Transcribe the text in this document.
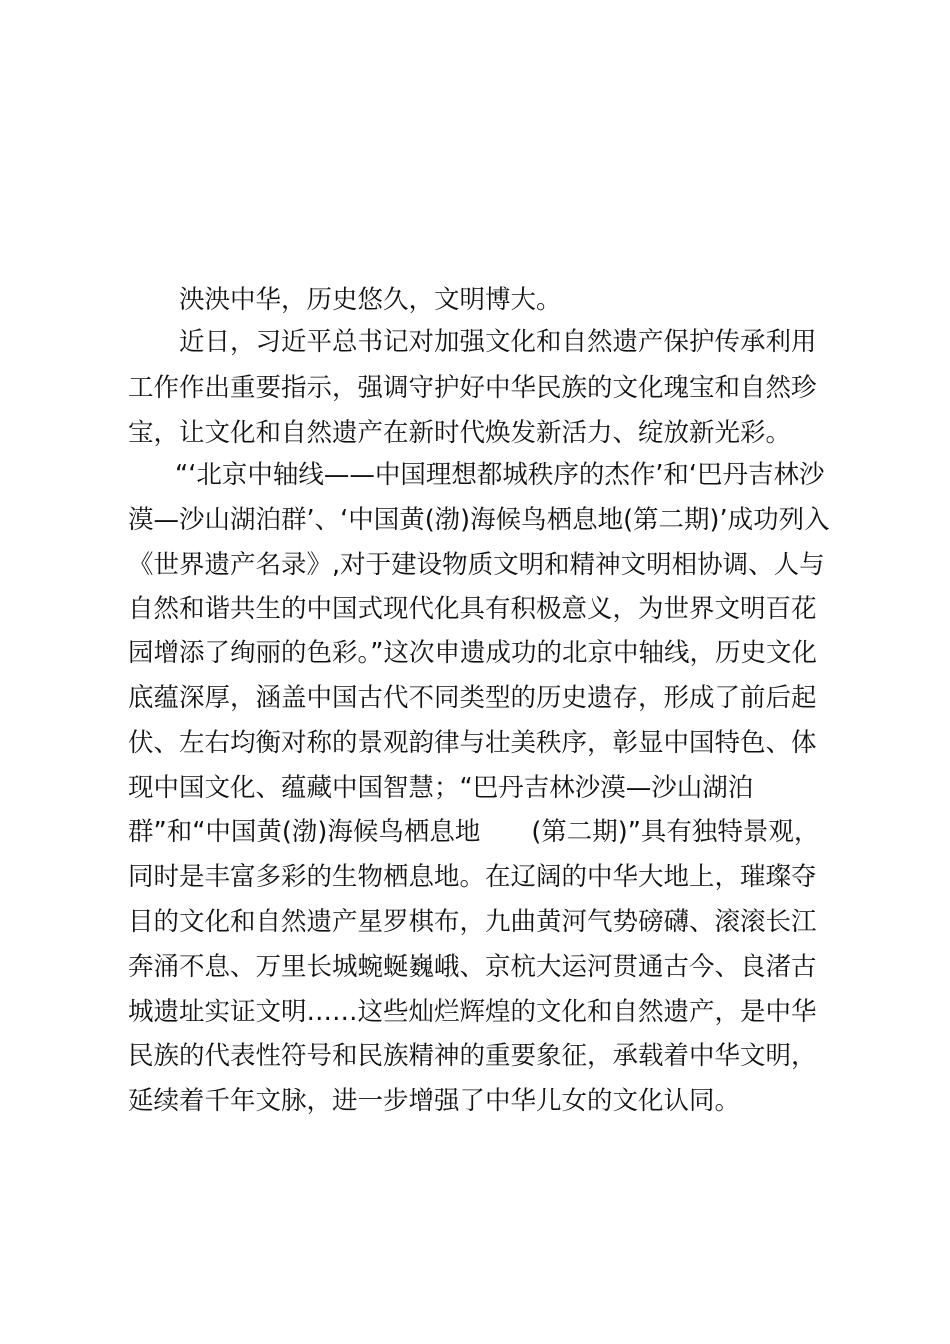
泱泱中华，历史悠久，文明博大。
近日，习近平总书记对加强文化和自然遗产保护传承利用
工作作出重要指示，强调守护好中华民族的文化瑰宝和自然珍
宝，让文化和自然遗产在新时代焕发新活力、绽放新光彩。
“‘北京中轴线——中国理想都城秩序的杰作’和‘巴丹吉林沙
漠—沙山湖泊群’、‘中国黄(渤)海候鸟栖息地(第二期)’成功列入
《世界遗产名录》,对于建设物质文明和精神文明相协调、人与
自然和谐共生的中国式现代化具有积极意义，为世界文明百花
园增添了绚丽的色彩。”这次申遗成功的北京中轴线，历史文化
底蕴深厚，涵盖中国古代不同类型的历史遗存，形成了前后起
伏、左右均衡对称的景观韵律与壮美秩序，彰显中国特色、体
现中国文化、蕴藏中国智慧；“巴丹吉林沙漠—沙山湖泊
群”和“中国黄(渤)海候鸟栖息地　　(第二期)”具有独特景观，
同时是丰富多彩的生物栖息地。在辽阔的中华大地上，璀璨夺
目的文化和自然遗产星罗棋布，九曲黄河气势磅礴、滚滚长江
奔涌不息、万里长城蜿蜒巍峨、京杭大运河贯通古今、良渚古
城遗址实证文明……这些灿烂辉煌的文化和自然遗产，是中华
民族的代表性符号和民族精神的重要象征，承载着中华文明，
延续着千年文脉，进一步增强了中华儿女的文化认同。
